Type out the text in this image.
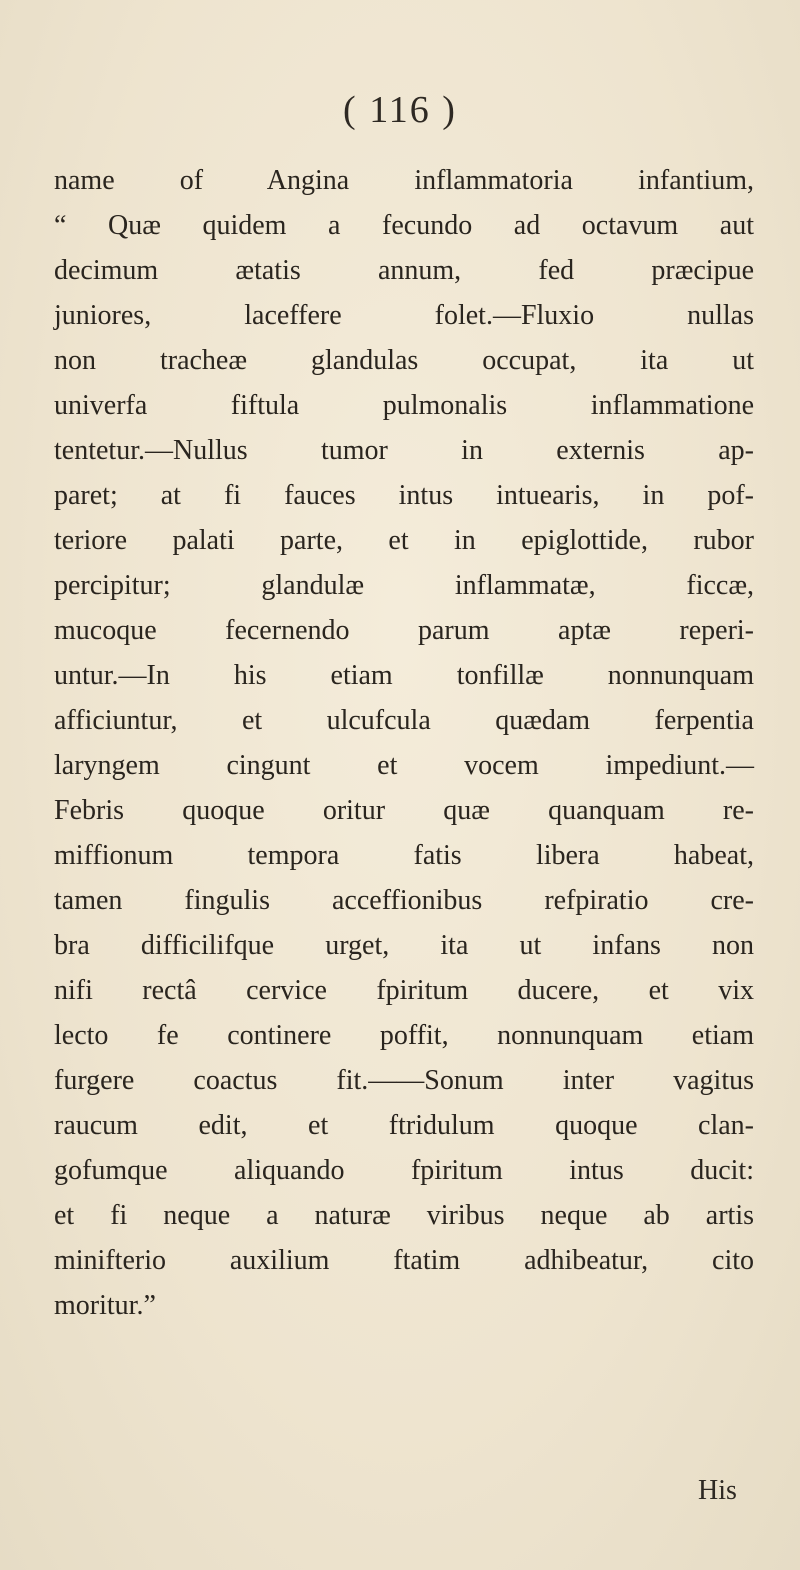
( 116 )
name of Angina inflammatoria infantium,
“ Quæ quidem a fecundo ad octavum aut
decimum ætatis annum, fed præcipue
juniores, laceffere folet.—Fluxio nullas
non tracheæ glandulas occupat, ita ut
univerfa fiftula pulmonalis inflammatione
tentetur.—Nullus tumor in externis ap-
paret; at fi fauces intus intuearis, in pof-
teriore palati parte, et in epiglottide, rubor
percipitur; glandulæ inflammatæ, ficcæ,
mucoque fecernendo parum aptæ reperi-
untur.—In his etiam tonfillæ nonnunquam
afficiuntur, et ulcufcula quædam ferpentia
laryngem cingunt et vocem impediunt.—
Febris quoque oritur quæ quanquam re-
miffionum tempora fatis libera habeat,
tamen fingulis acceffionibus refpiratio cre-
bra difficilifque urget, ita ut infans non
nifi rectâ cervice fpiritum ducere, et vix
lecto fe continere poffit, nonnunquam etiam
furgere coactus fit.——Sonum inter vagitus
raucum edit, et ftridulum quoque clan-
gofumque aliquando fpiritum intus ducit:
et fi neque a naturæ viribus neque ab artis
minifterio auxilium ftatim adhibeatur, cito
moritur.”
His
